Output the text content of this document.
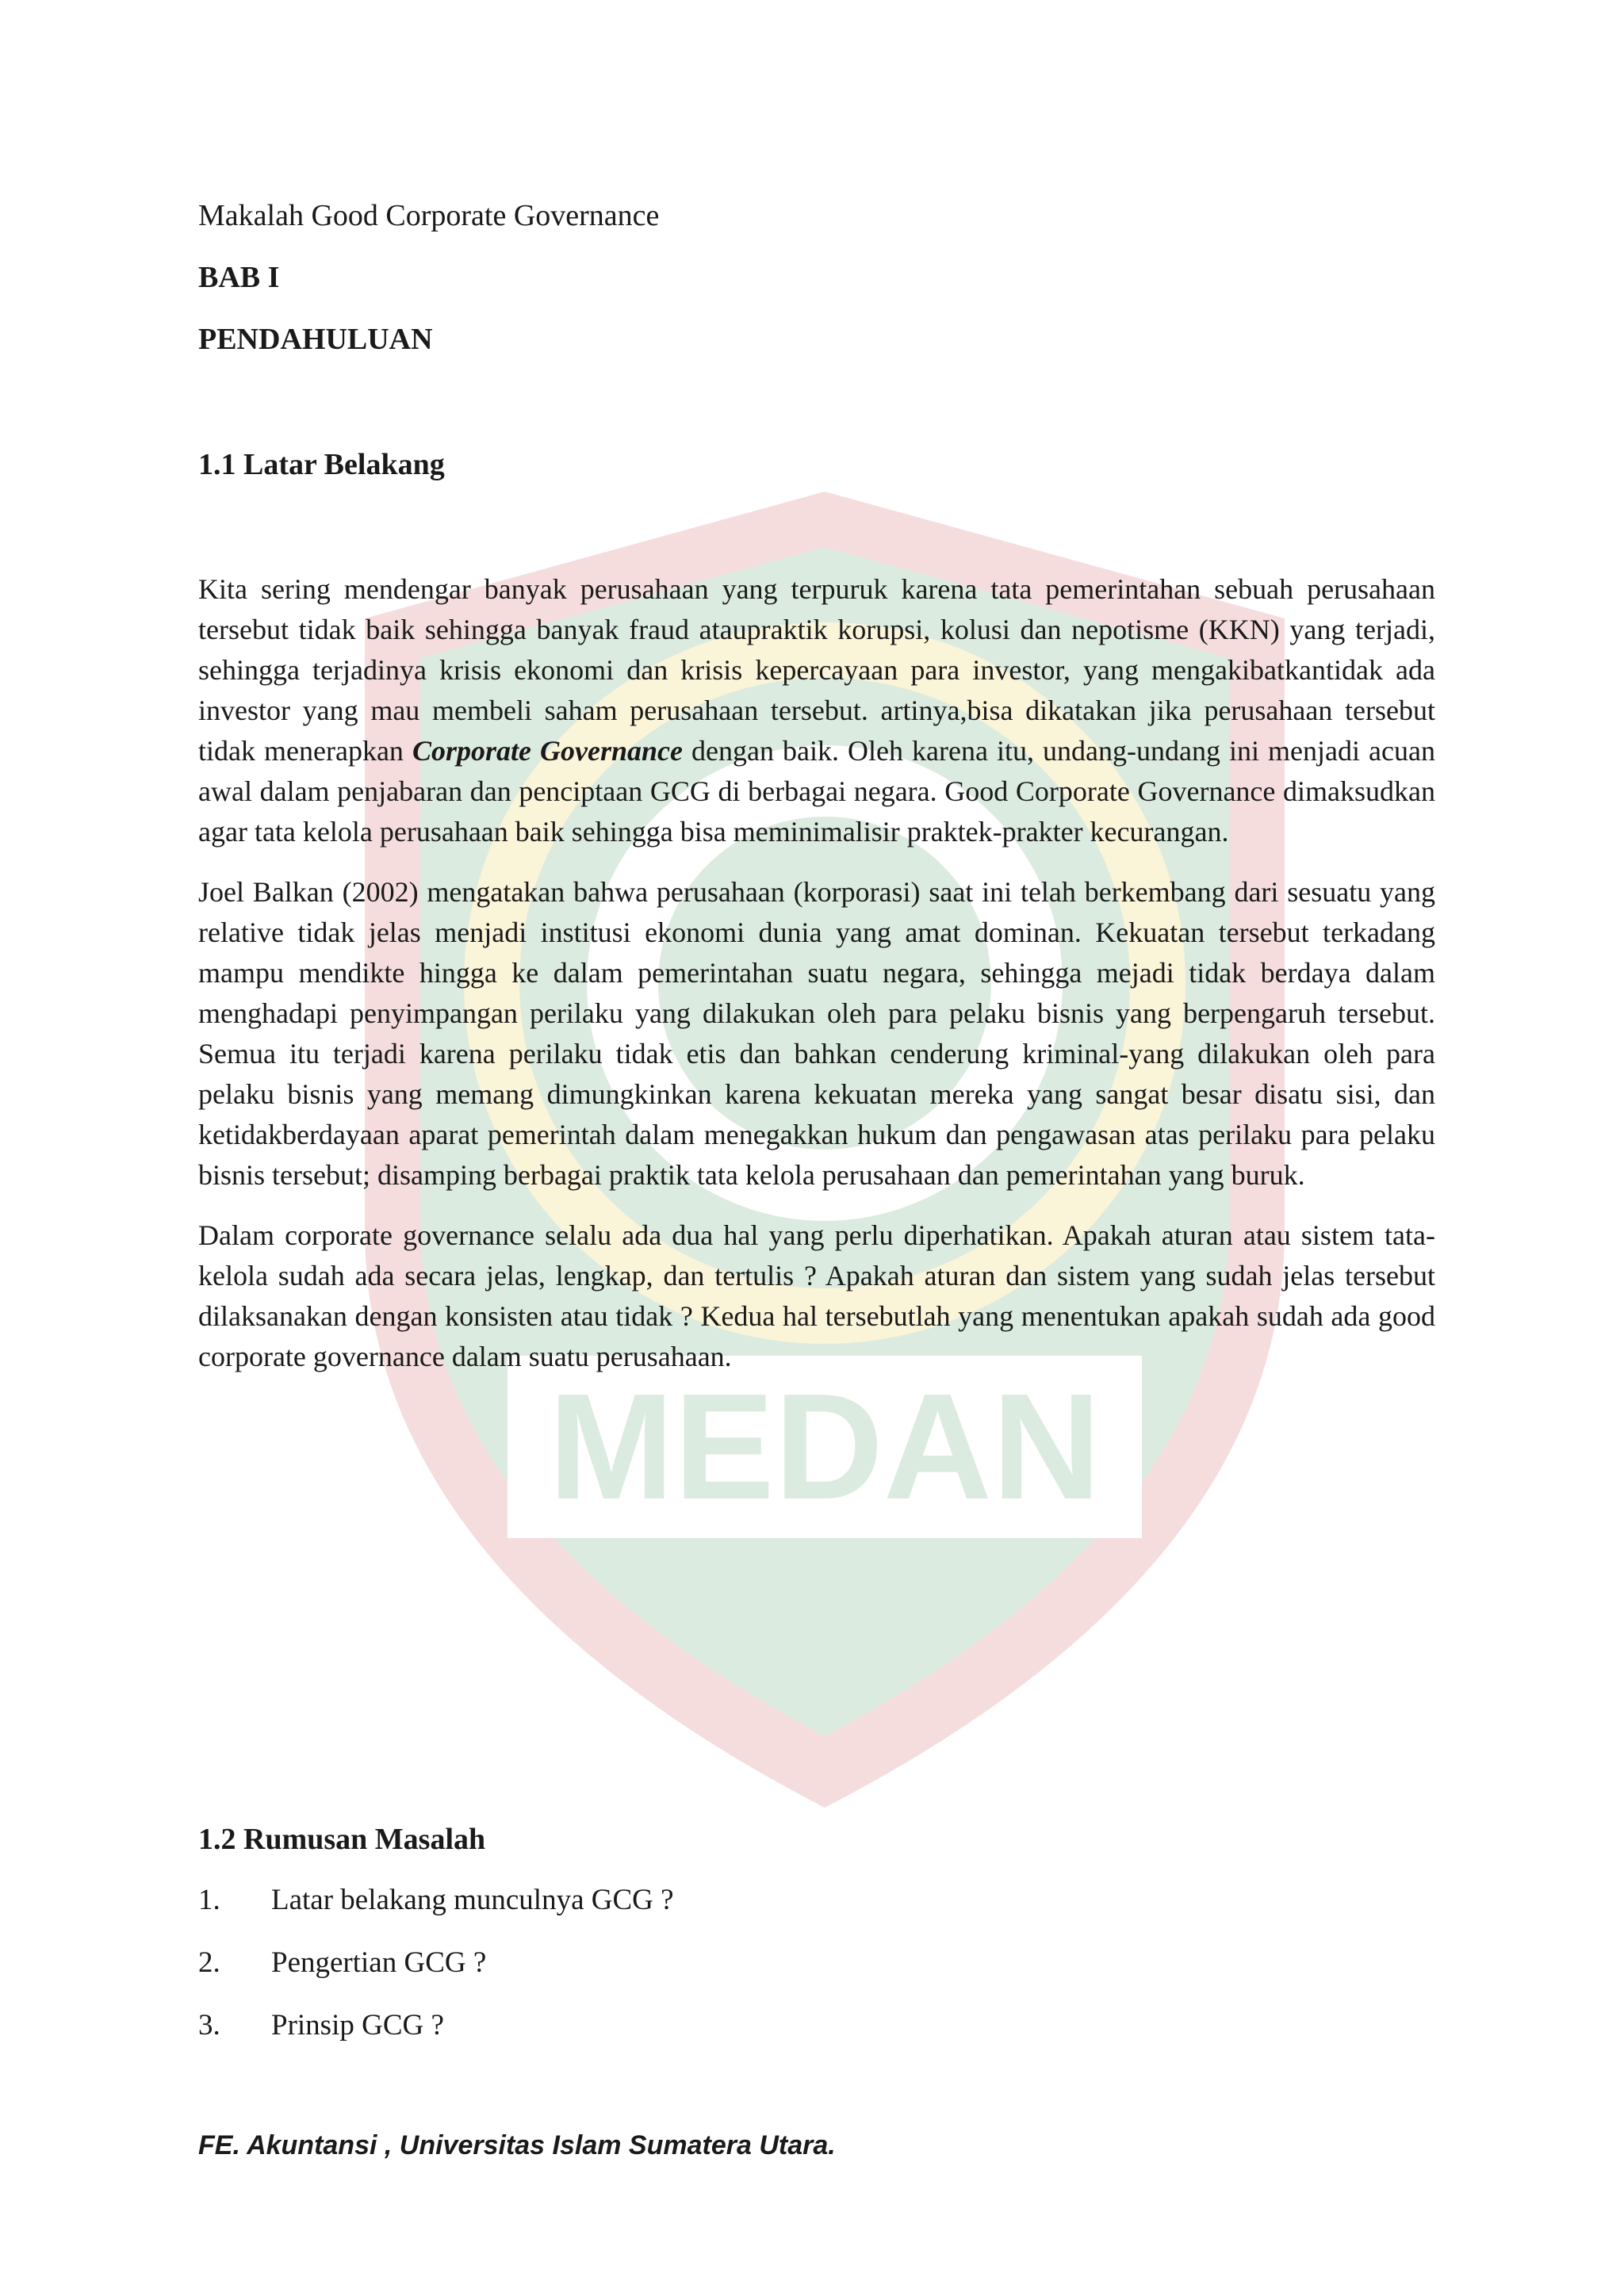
MEDAN

Makalah Good Corporate Governance

BAB I

PENDAHULUAN

1.1 Latar Belakang

Kita sering mendengar banyak perusahaan yang terpuruk karena tata pemerintahan sebuah perusahaan tersebut tidak baik sehingga banyak fraud ataupraktik korupsi, kolusi dan nepotisme (KKN) yang terjadi, sehingga terjadinya krisis ekonomi dan krisis kepercayaan para investor, yang mengakibatkantidak ada investor yang mau membeli saham perusahaan tersebut. artinya,bisa dikatakan jika perusahaan tersebut tidak menerapkan Corporate Governance dengan baik. Oleh karena itu, undang-undang ini menjadi acuan awal dalam penjabaran dan penciptaan GCG di berbagai negara. Good Corporate Governance dimaksudkan agar tata kelola perusahaan baik sehingga bisa meminimalisir praktek-prakter kecurangan.

Joel Balkan (2002) mengatakan bahwa perusahaan (korporasi) saat ini telah berkembang dari sesuatu yang relative tidak jelas menjadi institusi ekonomi dunia yang amat dominan. Kekuatan tersebut terkadang mampu mendikte hingga ke dalam pemerintahan suatu negara, sehingga mejadi tidak berdaya dalam menghadapi penyimpangan perilaku yang dilakukan oleh para pelaku bisnis yang berpengaruh tersebut. Semua itu terjadi karena perilaku tidak etis dan bahkan cenderung kriminal-yang dilakukan oleh para pelaku bisnis yang memang dimungkinkan karena kekuatan mereka yang sangat besar disatu sisi, dan ketidakberdayaan aparat pemerintah dalam menegakkan hukum dan pengawasan atas perilaku para pelaku bisnis tersebut; disamping berbagai praktik tata kelola perusahaan dan pemerintahan yang buruk.

Dalam corporate governance selalu ada dua hal yang perlu diperhatikan. Apakah aturan atau sistem tata-kelola sudah ada secara jelas, lengkap, dan tertulis ? Apakah aturan dan sistem yang sudah jelas tersebut dilaksanakan dengan konsisten atau tidak ? Kedua hal tersebutlah yang menentukan apakah sudah ada good corporate governance dalam suatu perusahaan.

1.2 Rumusan Masalah

1.	Latar belakang munculnya GCG ?
2.	Pengertian GCG ?
3.	Prinsip GCG ?

FE. Akuntansi , Universitas Islam Sumatera Utara.
